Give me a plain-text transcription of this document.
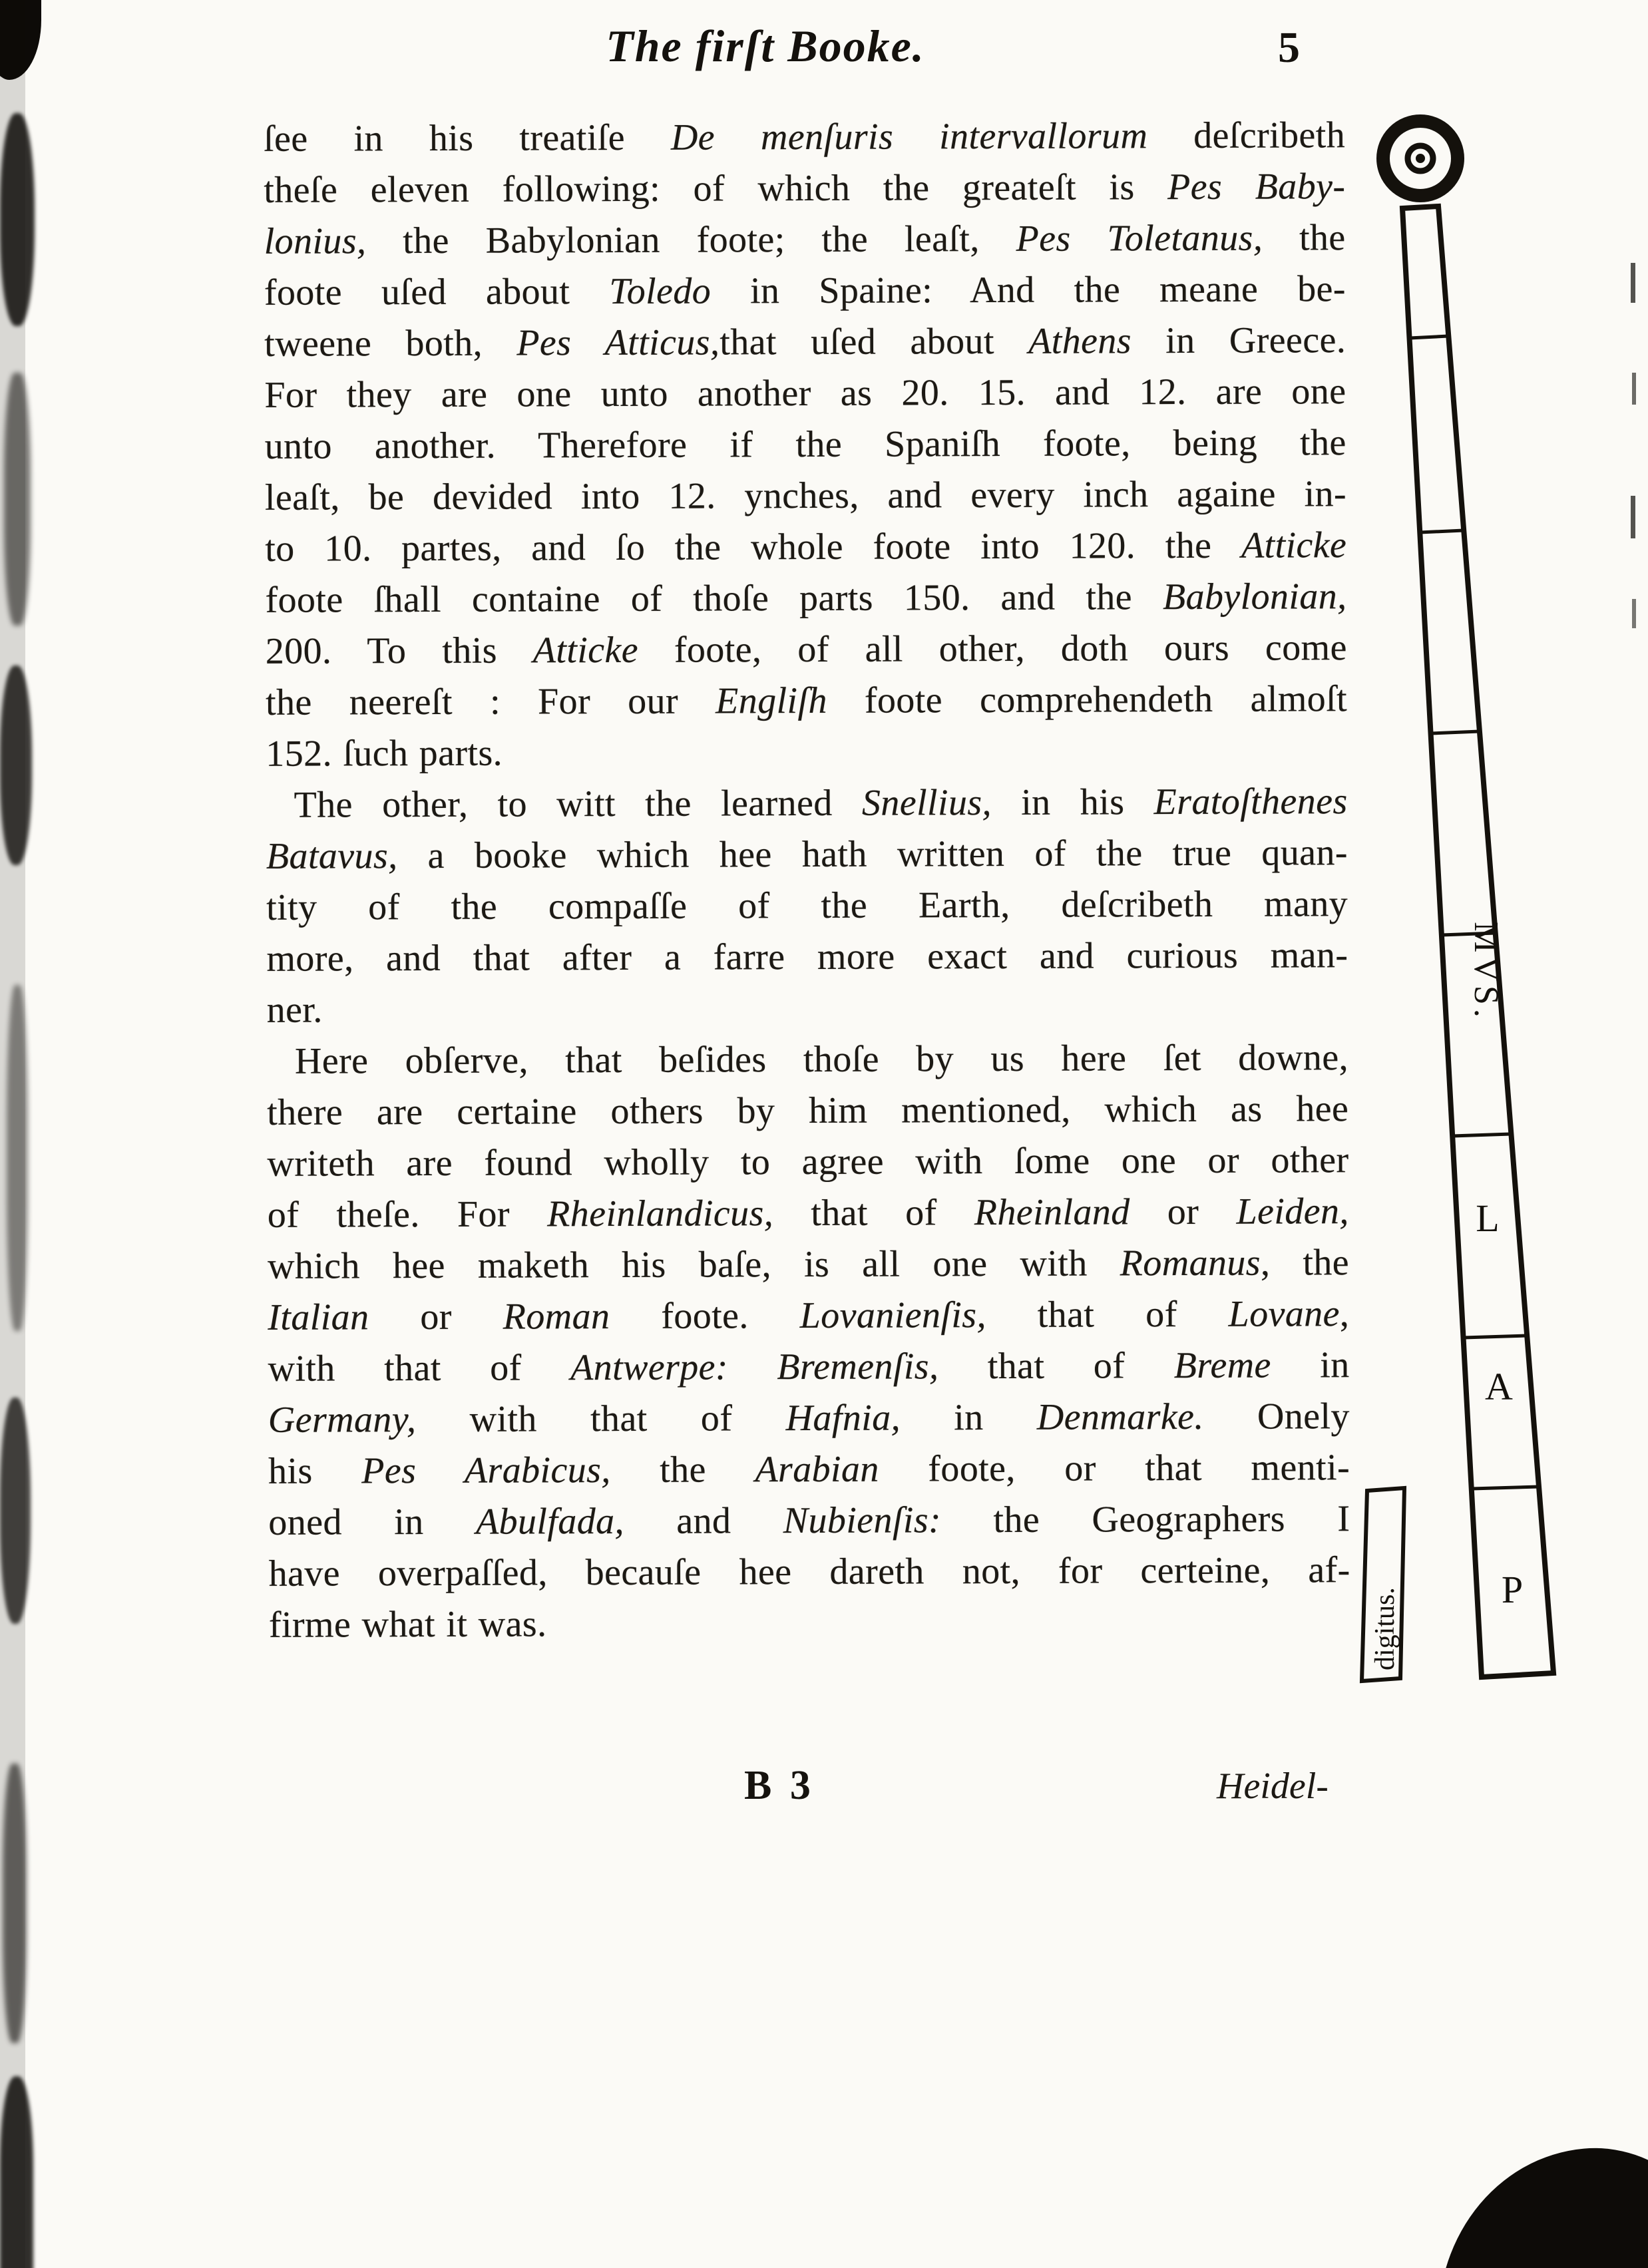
The firſt Booke.	5
ſee in his treatiſe De menſuris intervallorum deſcribeth
theſe eleven following: of which the greateſt is Pes Baby-
lonius, the Babylonian foote; the leaſt, Pes Toletanus, the
foote uſed about Toledo in Spaine: And the meane be-
tweene both, Pes Atticus,that uſed about Athens in Greece.
For they are one unto another as 20. 15. and 12. are one
unto another. Therefore if the Spaniſh foote, being the
leaſt, be devided into 12. ynches, and every inch againe in-
to 10. partes, and ſo the whole foote into 120. the Atticke
foote ſhall containe of thoſe parts 150. and the Babylonian,
200. To this Atticke foote, of all other, doth ours come
the neereſt : For our Engliſh foote comprehendeth almoſt
152. ſuch parts.
The other, to witt the learned Snellius, in his Eratoſthenes
Batavus, a booke which hee hath written of the true quan-
tity of the compaſſe of the Earth, deſcribeth many
more, and that after a farre more exact and curious man-
ner.
Here obſerve, that beſides thoſe by us here ſet downe,
there are certaine others by him mentioned, which as hee
writeth are found wholly to agree with ſome one or other
of theſe. For Rheinlandicus, that of Rheinland or Leiden,
which hee maketh his baſe, is all one with Romanus, the
Italian or Roman foote. Lovanienſis, that of Lovane,
with that of Antwerpe: Bremenſis, that of Breme in
Germany, with that of Hafnia, in Denmarke. Onely
his Pes Arabicus, the Arabian foote, or that menti-
oned in Abulfada, and Nubienſis: the Geographers I
have overpaſſed, becauſe hee dareth not, for certeine, af-
firme what it was.
B 3	Heidel-
MVS.
L
A
P
digitus.
